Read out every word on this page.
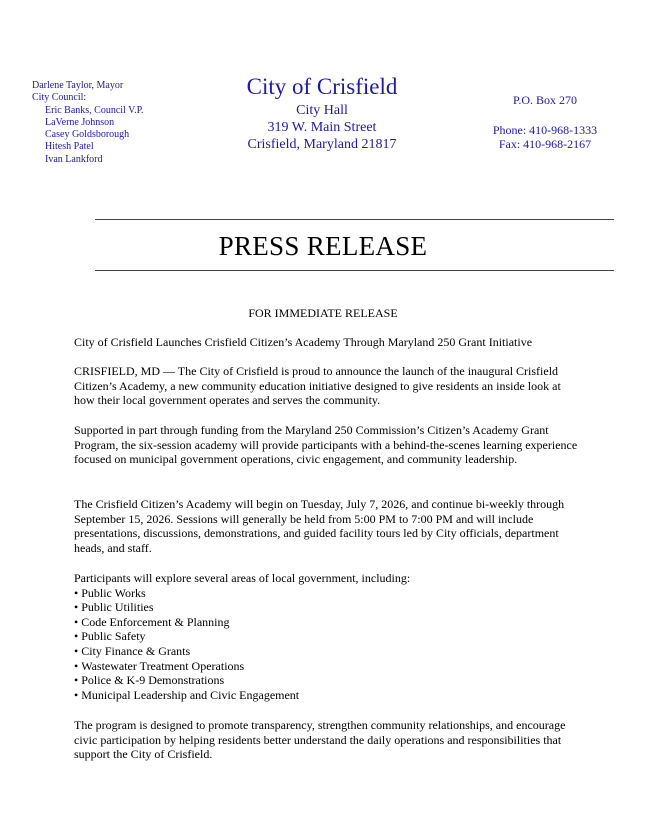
Darlene Taylor, Mayor
City Council:
Eric Banks, Council V.P.
LaVerne Johnson
Casey Goldsborough
Hitesh Patel
Ivan Lankford
City of Crisfield
City Hall
319 W. Main Street
Crisfield, Maryland 21817
P.O. Box 270
Phone: 410-968-1333
Fax: 410-968-2167
PRESS RELEASE
FOR IMMEDIATE RELEASE

City of Crisfield Launches Crisfield Citizen’s Academy Through Maryland 250 Grant Initiative

CRISFIELD, MD — The City of Crisfield is proud to announce the launch of the inaugural Crisfield Citizen’s Academy, a new community education initiative designed to give residents an inside look at how their local government operates and serves the community.

Supported in part through funding from the Maryland 250 Commission’s Citizen’s Academy Grant Program, the six-session academy will provide participants with a behind-the-scenes learning experience focused on municipal government operations, civic engagement, and community leadership.

The Crisfield Citizen’s Academy will begin on Tuesday, July 7, 2026, and continue bi-weekly through September 15, 2026. Sessions will generally be held from 5:00 PM to 7:00 PM and will include presentations, discussions, demonstrations, and guided facility tours led by City officials, department heads, and staff.

Participants will explore several areas of local government, including:

• Public Works
• Public Utilities
• Code Enforcement & Planning
• Public Safety
• City Finance & Grants
• Wastewater Treatment Operations
• Police & K-9 Demonstrations
• Municipal Leadership and Civic Engagement

The program is designed to promote transparency, strengthen community relationships, and encourage civic participation by helping residents better understand the daily operations and responsibilities that support the City of Crisfield.
